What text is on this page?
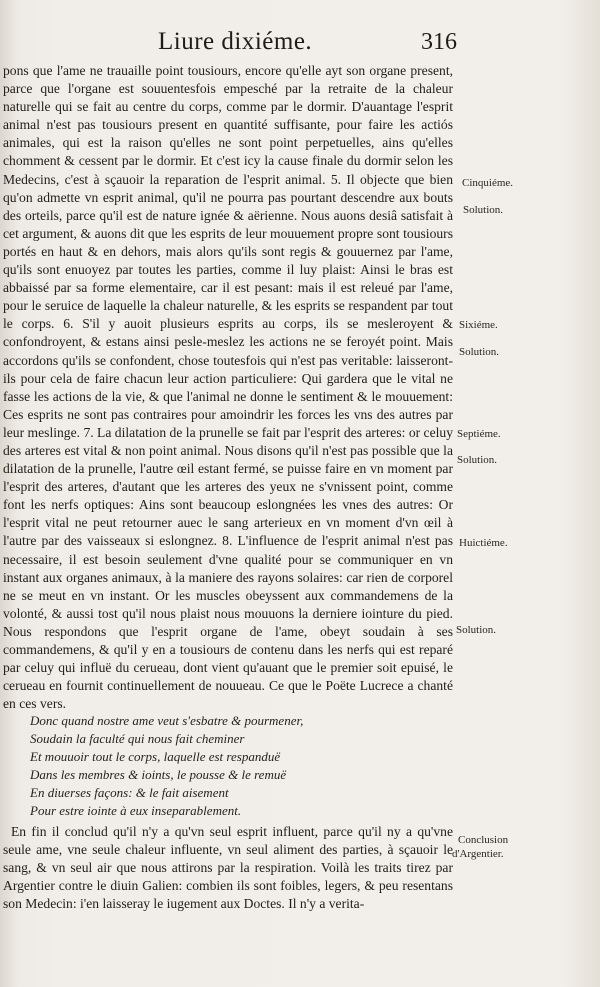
Liure dixiéme.	316

pons que l'ame ne trauaille point tousiours, encore qu'elle ayt son organe present, parce que l'organe est souuentesfois empesché par la retraite de la chaleur naturelle qui se fait au centre du corps, comme par le dormir. D'auantage l'esprit animal n'est pas tousiours present en quantité suffisante, pour faire les actiós animales, qui est la raison qu'elles ne sont point perpetuelles, ains qu'elles chomment & cessent par le dormir. Et c'est icy la cause finale du dormir selon les Medecins, c'est à sçauoir la reparation de l'esprit animal. 5. Il objecte que bien qu'on admette vn esprit animal, qu'il ne pourra pas pourtant descendre aux bouts des orteils, parce qu'il est de nature ignée & aërienne. Nous auons desiâ satisfait à cet argument, & auons dit que les esprits de leur mouuement propre sont tousiours portés en haut & en dehors, mais alors qu'ils sont regis & gouuernez par l'ame, qu'ils sont enuoyez par toutes les parties, comme il luy plaist: Ainsi le bras est abbaissé par sa forme elementaire, car il est pesant: mais il est releué par l'ame, pour le seruice de laquelle la chaleur naturelle, & les esprits se respandent par tout le corps. 6. S'il y auoit plusieurs esprits au corps, ils se mesleroyent & confondroyent, & estans ainsi pesle-meslez les actions ne se feroyét point. Mais accordons qu'ils se confondent, chose toutesfois qui n'est pas veritable: laisseront-ils pour cela de faire chacun leur action particuliere: Qui gardera que le vital ne fasse les actions de la vie, & que l'animal ne donne le sentiment & le mouuement: Ces esprits ne sont pas contraires pour amoindrir les forces les vns des autres par leur meslinge. 7. La dilatation de la prunelle se fait par l'esprit des arteres: or celuy des arteres est vital & non point animal. Nous disons qu'il n'est pas possible que la dilatation de la prunelle, l'autre œil estant fermé, se puisse faire en vn moment par l'esprit des arteres, d'autant que les arteres des yeux ne s'vnissent point, comme font les nerfs optiques: Ains sont beaucoup eslongnées les vnes des autres: Or l'esprit vital ne peut retourner auec le sang arterieux en vn moment d'vn œil à l'autre par des vaisseaux si eslongnez. 8. L'influence de l'esprit animal n'est pas necessaire, il est besoin seulement d'vne qualité pour se communiquer en vn instant aux organes animaux, à la maniere des rayons solaires: car rien de corporel ne se meut en vn instant. Or les muscles obeyssent aux commandemens de la volonté, & aussi tost qu'il nous plaist nous mouuons la derniere iointure du pied. Nous respondons que l'esprit organe de l'ame, obeyt soudain à ses commandemens, & qu'il y en a tousiours de contenu dans les nerfs qui est reparé par celuy qui influë du cerueau, dont vient qu'auant que le premier soit epuisé, le cerueau en fournit continuellement de nouueau. Ce que le Poëte Lucrece a chanté en ces vers.

Donc quand nostre ame veut s'esbatre & pourmener,
Soudain la faculté qui nous fait cheminer
Et mouuoir tout le corps, laquelle est respanduë
Dans les membres & ioints, le pousse & le remuë
En diuerses façons: & le fait aisement
Pour estre iointe à eux inseparablement.

En fin il conclud qu'il n'y a qu'vn seul esprit influent, parce qu'il ny a qu'vne seule ame, vne seule chaleur influente, vn seul aliment des parties, à sçauoir le sang, & vn seul air que nous attirons par la respiration. Voilà les traits tirez par Argentier contre le diuin Galien: combien ils sont foibles, legers, & peu resentans son Medecin: i'en laisseray le iugement aux Doctes. Il n'y a verita-

Cinquiéme.
Solution.
Sixiéme.
Solution.
Septiéme.
Solution.
Huictiéme.
Solution.
Conclusion
d'Argentier.
